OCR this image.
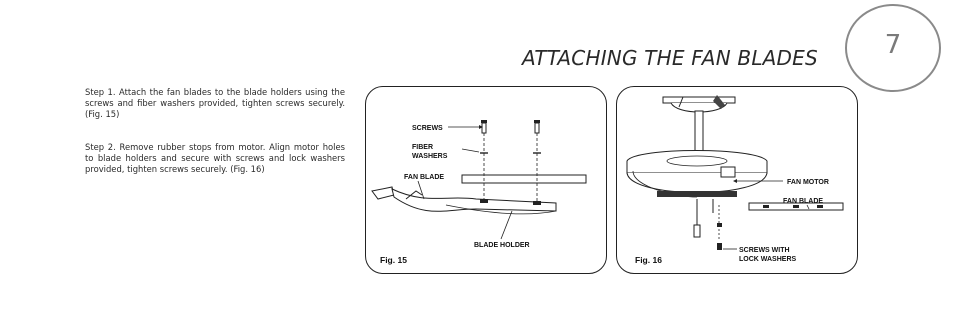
ATTACHING THE FAN BLADES	7
Step 1. Attach the fan blades to the blade holders using the screws and fiber washers provided, tighten screws securely. (Fig. 15)
Step 2. Remove rubber stops from motor. Align motor holes to blade holders and secure with screws and lock washers provided, tighten screws securely. (Fig. 16)
SCREWS
FIBER
WASHERS
FAN BLADE
BLADE HOLDER
Fig. 15
FAN MOTOR
FAN BLADE
SCREWS WITH
LOCK WASHERS
Fig. 16
